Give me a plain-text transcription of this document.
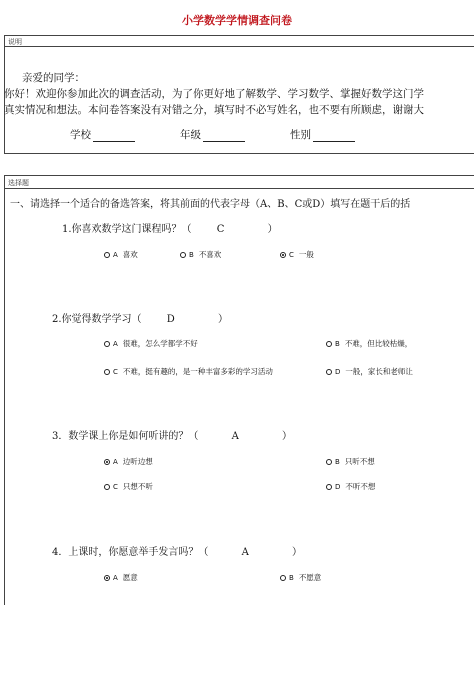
小学数学学情调查问卷
说明
亲爱的同学：
你好！欢迎你参加此次的调查活动，为了你更好地了解数学、学习数学、掌握好数学这门学
真实情况和想法。本问卷答案没有对错之分，填写时不必写姓名，也不要有所顾虑，谢谢大
学校	年级	性别
选择题
一、请选择一个适合的备选答案，将其前面的代表字母（A、B、C或D）填写在题干后的括
1.你喜欢数学这门课程吗？（	C	）
A 喜欢	B 不喜欢	C 一般
2.你觉得数学学习（	D	）
A 很难，怎么学都学不好	B 不难，但比较枯燥，
C 不难，挺有趣的，是一种丰富多彩的学习活动	D 一般，家长和老师让
3．数学课上你是如何听讲的？（	A	）
A 边听边想	B 只听不想
C 只想不听	D 不听不想
4．上课时，你愿意举手发言吗？（	A	）
A 愿意	B 不愿意
